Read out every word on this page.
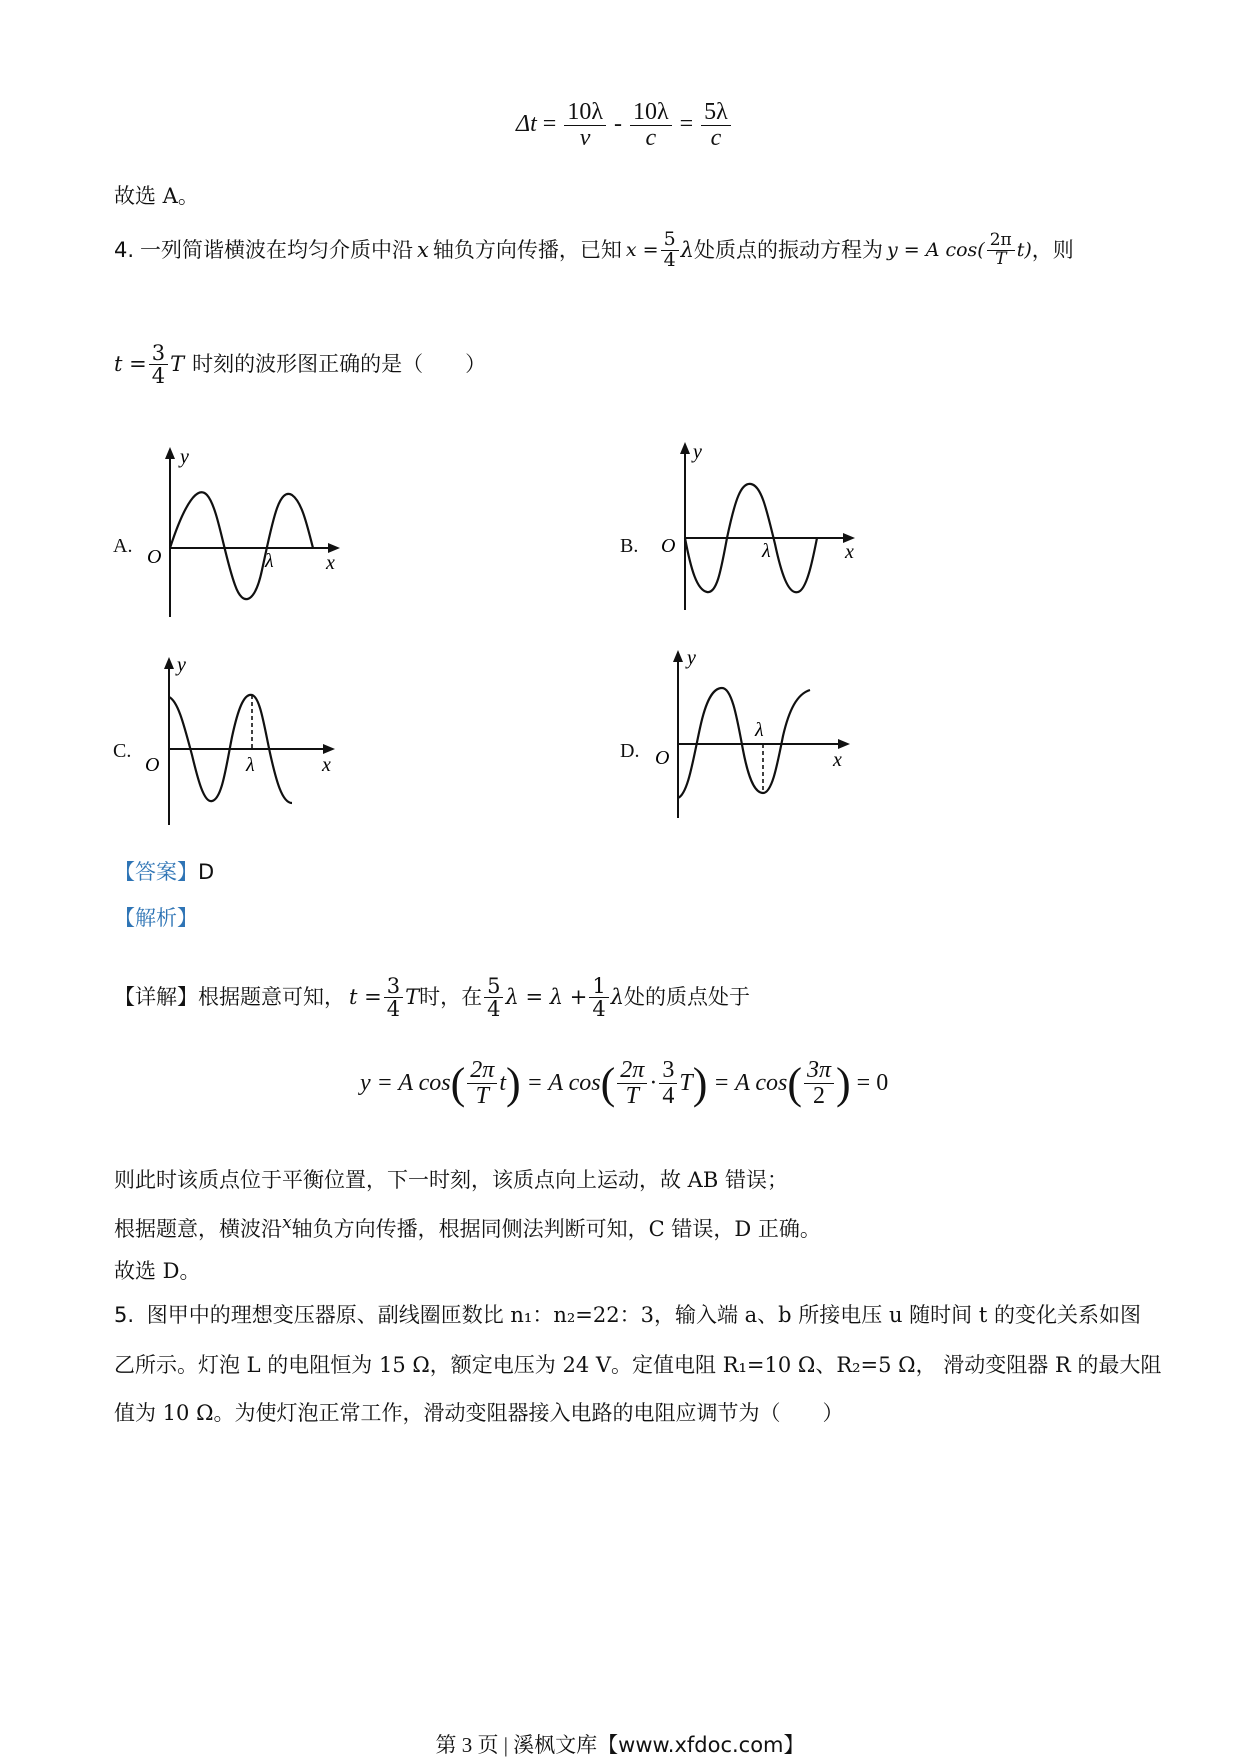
$\Delta t = \frac{10\lambda}{v} - \frac{10\lambda}{c} = \frac{5\lambda}{c}$
故选 A。
4. 一列简谐横波在均匀介质中沿 x 轴负方向传播，已知 $x = \frac{5}{4}$ λ 处质点的振动方程为 y = A $\cos( \frac{2\pi}{T} t)$ ，则
$t = \frac{3}{4}$ T 时刻的波形图正确的是（　　）
A.
y
O	λ	x
B.
y
O	λ	x
C.
y
O	λ	x
D.
y
O
λ
x
【答案】D
【解析】
【详解】 根据题意可知， $t = \frac{3}{4}$ T 时，在 $\frac{5}{4}$ $\lambda = \lambda + \frac{1}{4}$ λ 处的质点处于
y = A cos ( $\frac{2\pi}{T}$ t ) = A cos ( $\frac{2\pi}{T} \cdot \frac{3}{4}$ T ) = A cos ( $\frac{3\pi}{2}$ ) = 0
则此时该质点位于平衡位置，下一时刻，该质点向上运动，故 AB 错误；
根据题意，横波沿$^x$轴负方向传播，根据同侧法判断可知，C 错误，D 正确。
故选 D。
5. 图甲中的理想变压器原、副线圈匝数比 n₁：n₂=22：3，输入端 a、b 所接电压 u 随时间 t 的变化关系如图
乙所示。灯泡 L 的电阻恒为 15 Ω，额定电压为 24 V。定值电阻 R₁=10 Ω、R₂=5 Ω， 滑动变阻器 R 的最大阻
值为 10 Ω。为使灯泡正常工作，滑动变阻器接入电路的电阻应调节为（　　）
第 3 页 | 溪枫文库【www.xfdoc.com】
